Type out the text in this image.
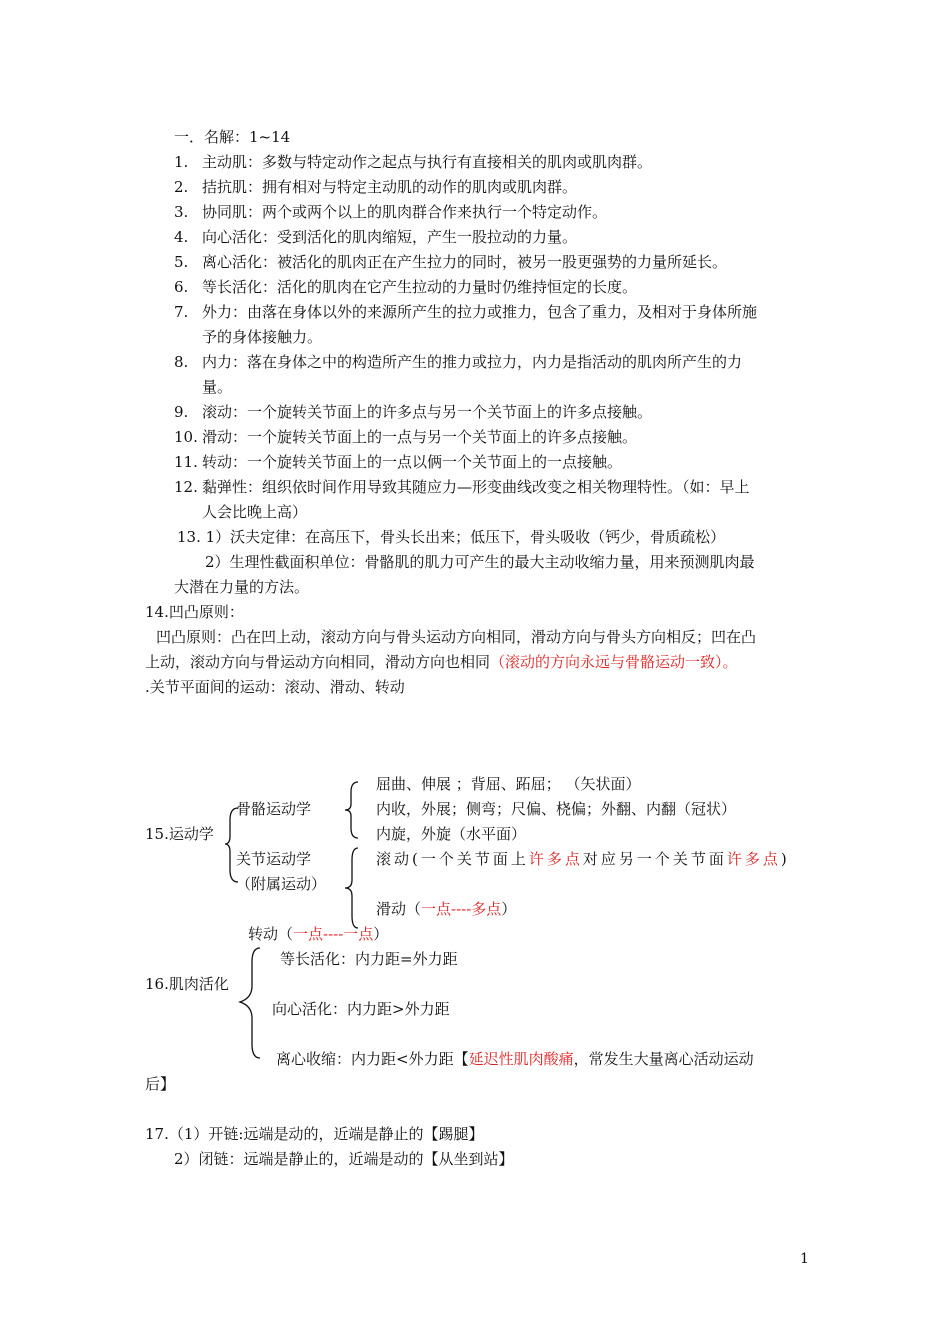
一．名解：1~14
1. 主动肌：多数与特定动作之起点与执行有直接相关的肌肉或肌肉群。
2. 拮抗肌：拥有相对与特定主动肌的动作的肌肉或肌肉群。
3. 协同肌：两个或两个以上的肌肉群合作来执行一个特定动作。
4. 向心活化：受到活化的肌肉缩短，产生一股拉动的力量。
5. 离心活化：被活化的肌肉正在产生拉力的同时，被另一股更强势的力量所延长。
6. 等长活化：活化的肌肉在它产生拉动的力量时仍维持恒定的长度。
7. 外力：由落在身体以外的来源所产生的拉力或推力，包含了重力，及相对于身体所施
予的身体接触力。
8. 内力：落在身体之中的构造所产生的推力或拉力，内力是指活动的肌肉所产生的力
量。
9. 滚动：一个旋转关节面上的许多点与另一个关节面上的许多点接触。
10. 滑动：一个旋转关节面上的一点与另一个关节面上的许多点接触。
11. 转动：一个旋转关节面上的一点以俩一个关节面上的一点接触。
12. 黏弹性：组织依时间作用导致其随应力—形变曲线改变之相关物理特性。（如：早上
人会比晚上高）
13. 1）沃夫定律：在高压下，骨头长出来；低压下，骨头吸收（钙少，骨质疏松）
2）生理性截面积单位：骨骼肌的肌力可产生的最大主动收缩力量，用来预测肌肉最
大潜在力量的方法。
14.凹凸原则：
凹凸原则：凸在凹上动，滚动方向与骨头运动方向相同，滑动方向与骨头方向相反；凹在凸
上动，滚动方向与骨运动方向相同，滑动方向也相同（滚动的方向永远与骨骼运动一致）。
.关节平面间的运动：滚动、滑动、转动
15.运动学
骨骼运动学
屈曲、伸展 ；背屈、跖屈； （矢状面）
内收，外展；侧弯；尺偏、桡偏；外翻、内翻（冠状）
内旋，外旋（水平面）
关节运动学
（附属运动）
滚动(一个关节面上许多点对应另一个关节面许多点)
滑动（一点----多点）
转动（一点----一点）
16.肌肉活化
等长活化：内力距=外力距
向心活化：内力距>外力距
离心收缩：内力距<外力距【延迟性肌肉酸痛，常发生大量离心活动运动
后】
17.（1）开链:远端是动的，近端是静止的【踢腿】
2）闭链：远端是静止的，近端是动的【从坐到站】
1
